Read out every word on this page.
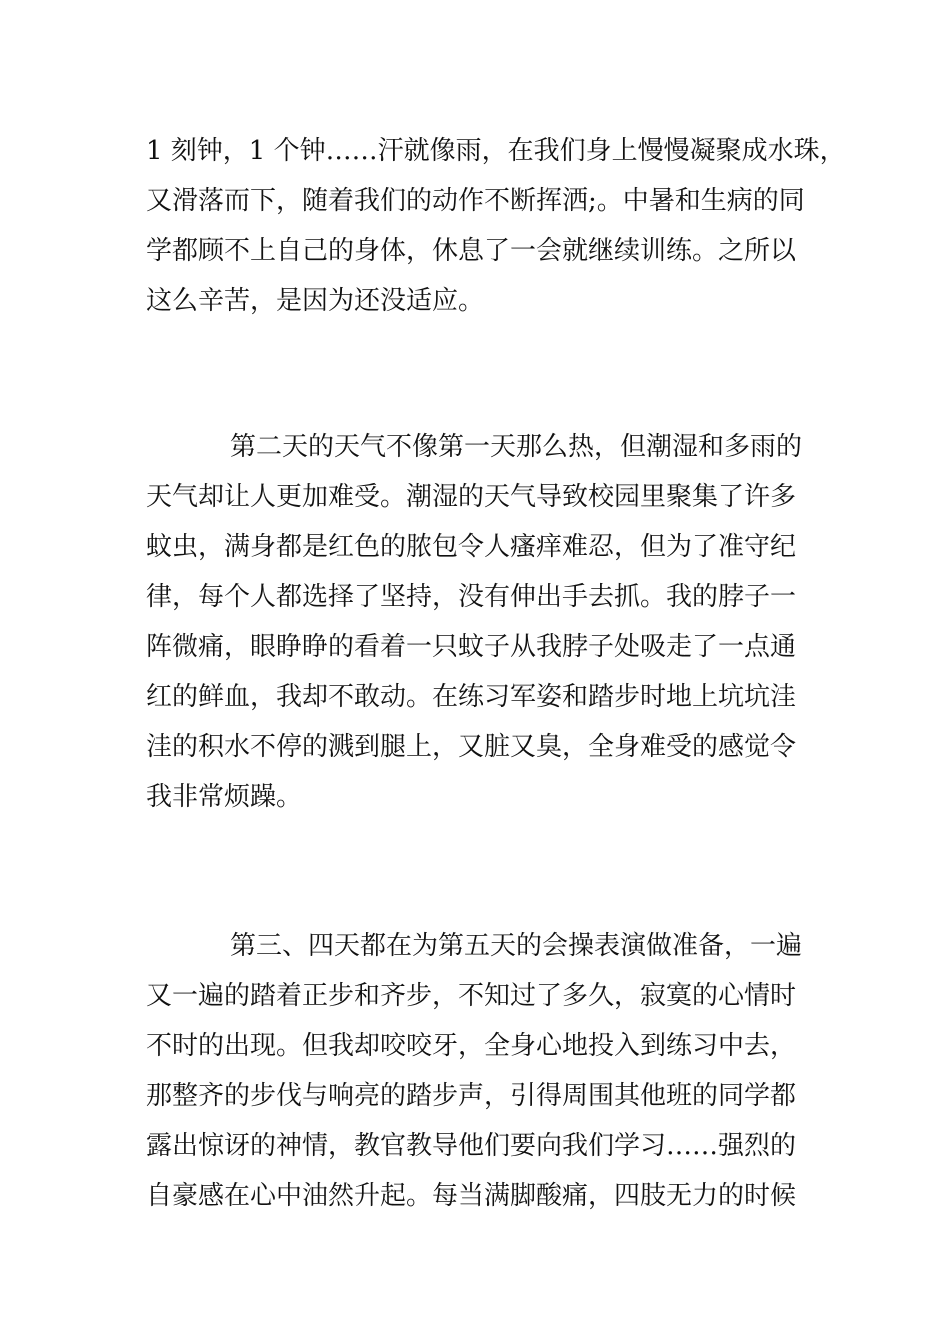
1 刻钟，1 个钟……汗就像雨，在我们身上慢慢凝聚成水珠，
又滑落而下，随着我们的动作不断挥洒;。中暑和生病的同
学都顾不上自己的身体，休息了一会就继续训练。之所以
这么辛苦，是因为还没适应。
第二天的天气不像第一天那么热，但潮湿和多雨的
天气却让人更加难受。潮湿的天气导致校园里聚集了许多
蚊虫，满身都是红色的脓包令人瘙痒难忍，但为了准守纪
律，每个人都选择了坚持，没有伸出手去抓。我的脖子一
阵微痛，眼睁睁的看着一只蚊子从我脖子处吸走了一点通
红的鲜血，我却不敢动。在练习军姿和踏步时地上坑坑洼
洼的积水不停的溅到腿上，又脏又臭，全身难受的感觉令
我非常烦躁。
第三、四天都在为第五天的会操表演做准备，一遍
又一遍的踏着正步和齐步，不知过了多久，寂寞的心情时
不时的出现。但我却咬咬牙，全身心地投入到练习中去，
那整齐的步伐与响亮的踏步声，引得周围其他班的同学都
露出惊讶的神情，教官教导他们要向我们学习……强烈的
自豪感在心中油然升起。每当满脚酸痛，四肢无力的时候
